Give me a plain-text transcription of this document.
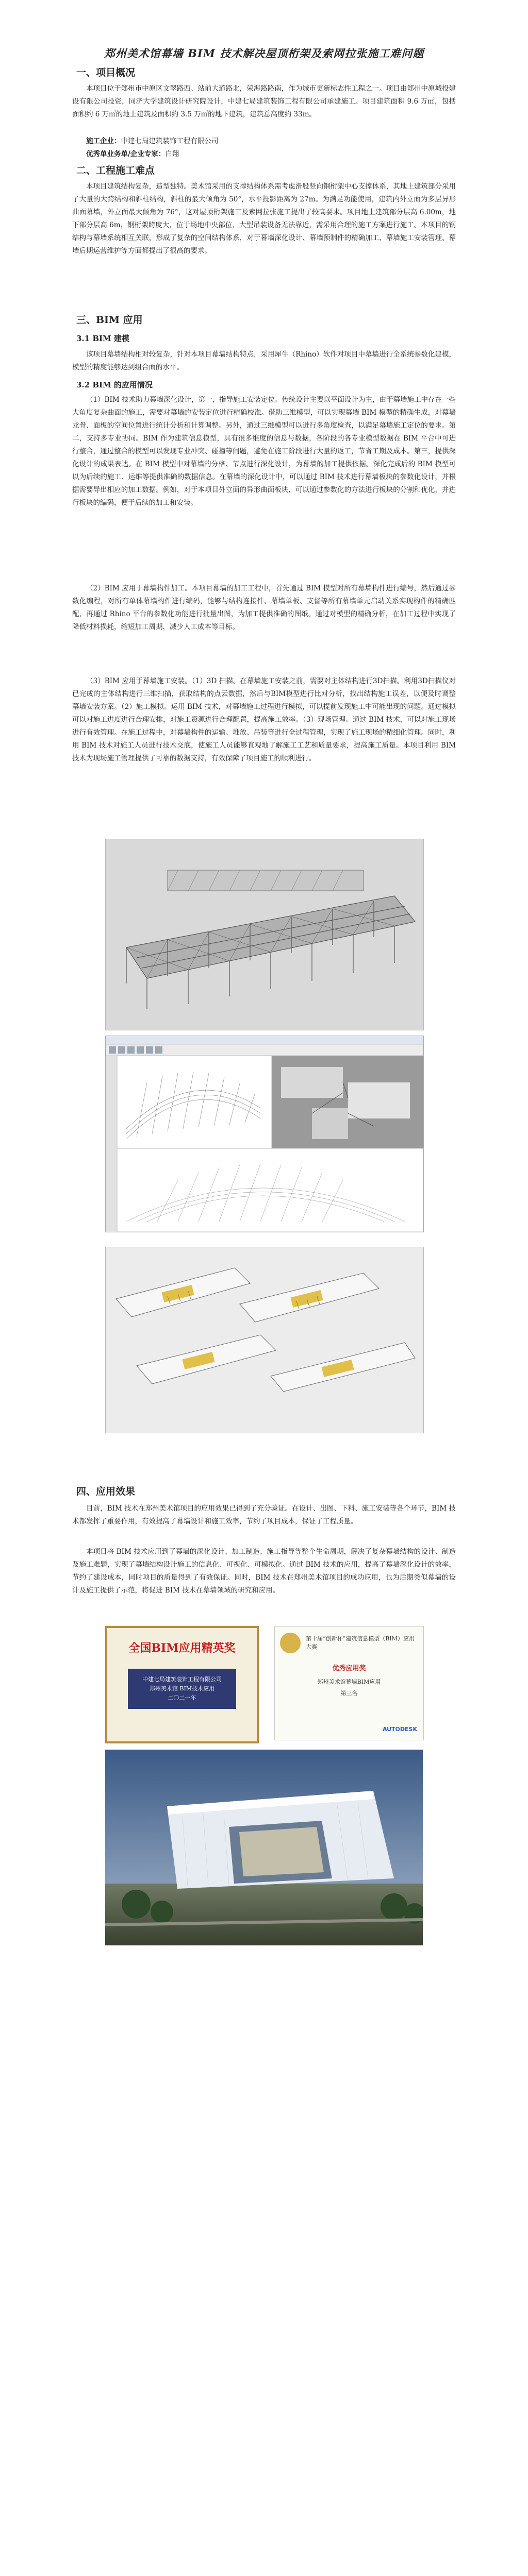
郑州美术馆幕墙 BIM 技术解决屋顶桁架及索网拉张施工难问题
一、项目概况

本项目位于郑州市中原区文翠路西、站前大道路北，荣海路路南，作为城市更新标志性工程之一。项目由郑州中原城投建设有限公司投资，同济大学建筑设计研究院设计，中建七局建筑装饰工程有限公司承建施工。项目建筑面积 9.6 万㎡，包括面积约 6 万㎡的地上建筑及面积约 3.5 万㎡的地下建筑，建筑总高度约 33m。

施工企业：中建七局建筑装饰工程有限公司
优秀单业务单/企业专家：白翔
二、工程施工难点

本项目建筑结构复杂，造型独特。美术馆采用的支撑结构体系需考虑滑股竖向钢桁架中心支撑体系，其地上建筑部分采用了大量的大跨结构和斜柱结构，斜柱的最大倾角为 50°，水平投影距离为 27m。为满足功能使用，建筑内外立面为多层异形曲面幕墙，外立面最大倾角为 76°，这对屋顶桁架施工及索网拉张施工提出了较高要求。项目地上建筑部分层高 6.00m，地下部分层高 6m，钢桁架跨度大，位于场地中央部位，大型吊装设备无法靠近，需采用合理的施工方案进行施工。本项目的钢结构与幕墙系统相互关联，形成了复杂的空间结构体系，对于幕墙深化设计、幕墙预制件的精确加工、幕墙施工安装管理、幕墙后期运营维护等方面都提出了很高的要求。

三、BIM 应用
3.1 BIM 建模

该项目幕墙结构相对较复杂，针对本项目幕墙结构特点，采用犀牛（Rhino）软件对项目中幕墙进行全系统参数化建模，模型的精度能够达到组合面的水平。

3.2 BIM 的应用情况

（1）BIM 技术助力幕墙深化设计，第一，指导施工安装定位。传统设计主要以平面设计为主，由于幕墙施工中存在一些大角度复杂曲面的施工，需要对幕墙的安装定位进行精确校准。借助三维模型，可以实现幕墙 BIM 模型的精确生成，对幕墙龙骨、面板的空间位置进行统计分析和计算调整。另外，通过三维模型可以进行多角度检查，以满足幕墙施工定位的要求。第二，支持多专业协同。BIM 作为建筑信息模型，具有很多维度的信息与数据，各阶段的各专业模型数据在 BIM 平台中可进行整合，通过整合的模型可以发现专业冲突、碰撞等问题，避免在施工阶段进行大量的返工，节省工期及成本。第三，提供深化设计的成果表达。在 BIM 模型中对幕墙的分格、节点进行深化设计，为幕墙的加工提供依据。深化完成后的 BIM 模型可以为后续的施工、运维等提供准确的数据信息。在幕墙的深化设计中，可以通过 BIM 技术进行幕墙板块的参数化设计，并根据需要导出相应的加工数据。例如，对于本项目外立面的异形曲面板块，可以通过参数化的方法进行板块的分割和优化，并进行板块的编码，便于后续的加工和安装。

（2）BIM 应用于幕墙构件加工。本项目幕墙的加工工程中，首先通过 BIM 模型对所有幕墙构件进行编号，然后通过参数化编程，对所有单体幕墙构件进行编码，能够与结构连接件、幕墙单板、支督等所有幕墙单元启动关系实现构件的精确匹配，再通过 Rhino 平台的参数化功能进行批量出图，为加工提供准确的图纸。通过对模型的精确分析，在加工过程中实现了降低材料损耗，缩短加工周期，减少人工成本等目标。

（3）BIM 应用于幕墙施工安装。（1）3D 扫描。在幕墙施工安装之前，需要对主体结构进行3D扫描。利用3D扫描仪对已完成的主体结构进行三维扫描，获取结构的点云数据，然后与BIM模型进行比对分析，找出结构施工误差，以便及时调整幕墙安装方案。（2）施工模拟。运用 BIM 技术，对幕墙施工过程进行模拟，可以提前发现施工中可能出现的问题。通过模拟可以对施工进度进行合理安排，对施工资源进行合理配置，提高施工效率。（3）现场管理。通过 BIM 技术，可以对施工现场进行有效管理。在施工过程中，对幕墙构件的运输、堆放、吊装等进行全过程管理，实现了施工现场的精细化管理。同时，利用 BIM 技术对施工人员进行技术交底，使施工人员能够直观地了解施工工艺和质量要求，提高施工质量。本项目利用 BIM 技术为现场施工管理提供了可靠的数据支持，有效保障了项目施工的顺利进行。

四、应用效果

目前，BIM 技术在郑州美术馆项目的应用效果已得到了充分验证。在设计、出图、下料、施工安装等各个环节，BIM 技术都发挥了重要作用，有效提高了幕墙设计和施工效率，节约了项目成本，保证了工程质量。

本项目将 BIM 技术应用到了幕墙的深化设计、加工制造、施工指导等整个生命周期，解决了复杂幕墙结构的设计、制造及施工难题，实现了幕墙结构设计施工的信息化、可视化、可模拟化。通过 BIM 技术的应用，提高了幕墙深化设计的效率，节约了建设成本，同时项目的质量得到了有效保证。同时，BIM 技术在郑州美术馆项目的成功应用，也为后期类似幕墙的设计及施工提供了示范，将促进 BIM 技术在幕墙领域的研究和应用。

全国BIM应用精英奖
中建七局建筑装饰工程有限公司
郑州美术馆 BIM技术应用
二〇二一年
第十届“创新杯”建筑信息模型（BIM）应用大赛
优秀应用奖
郑州美术馆幕墙BIM应用
第三名
AUTODESK
